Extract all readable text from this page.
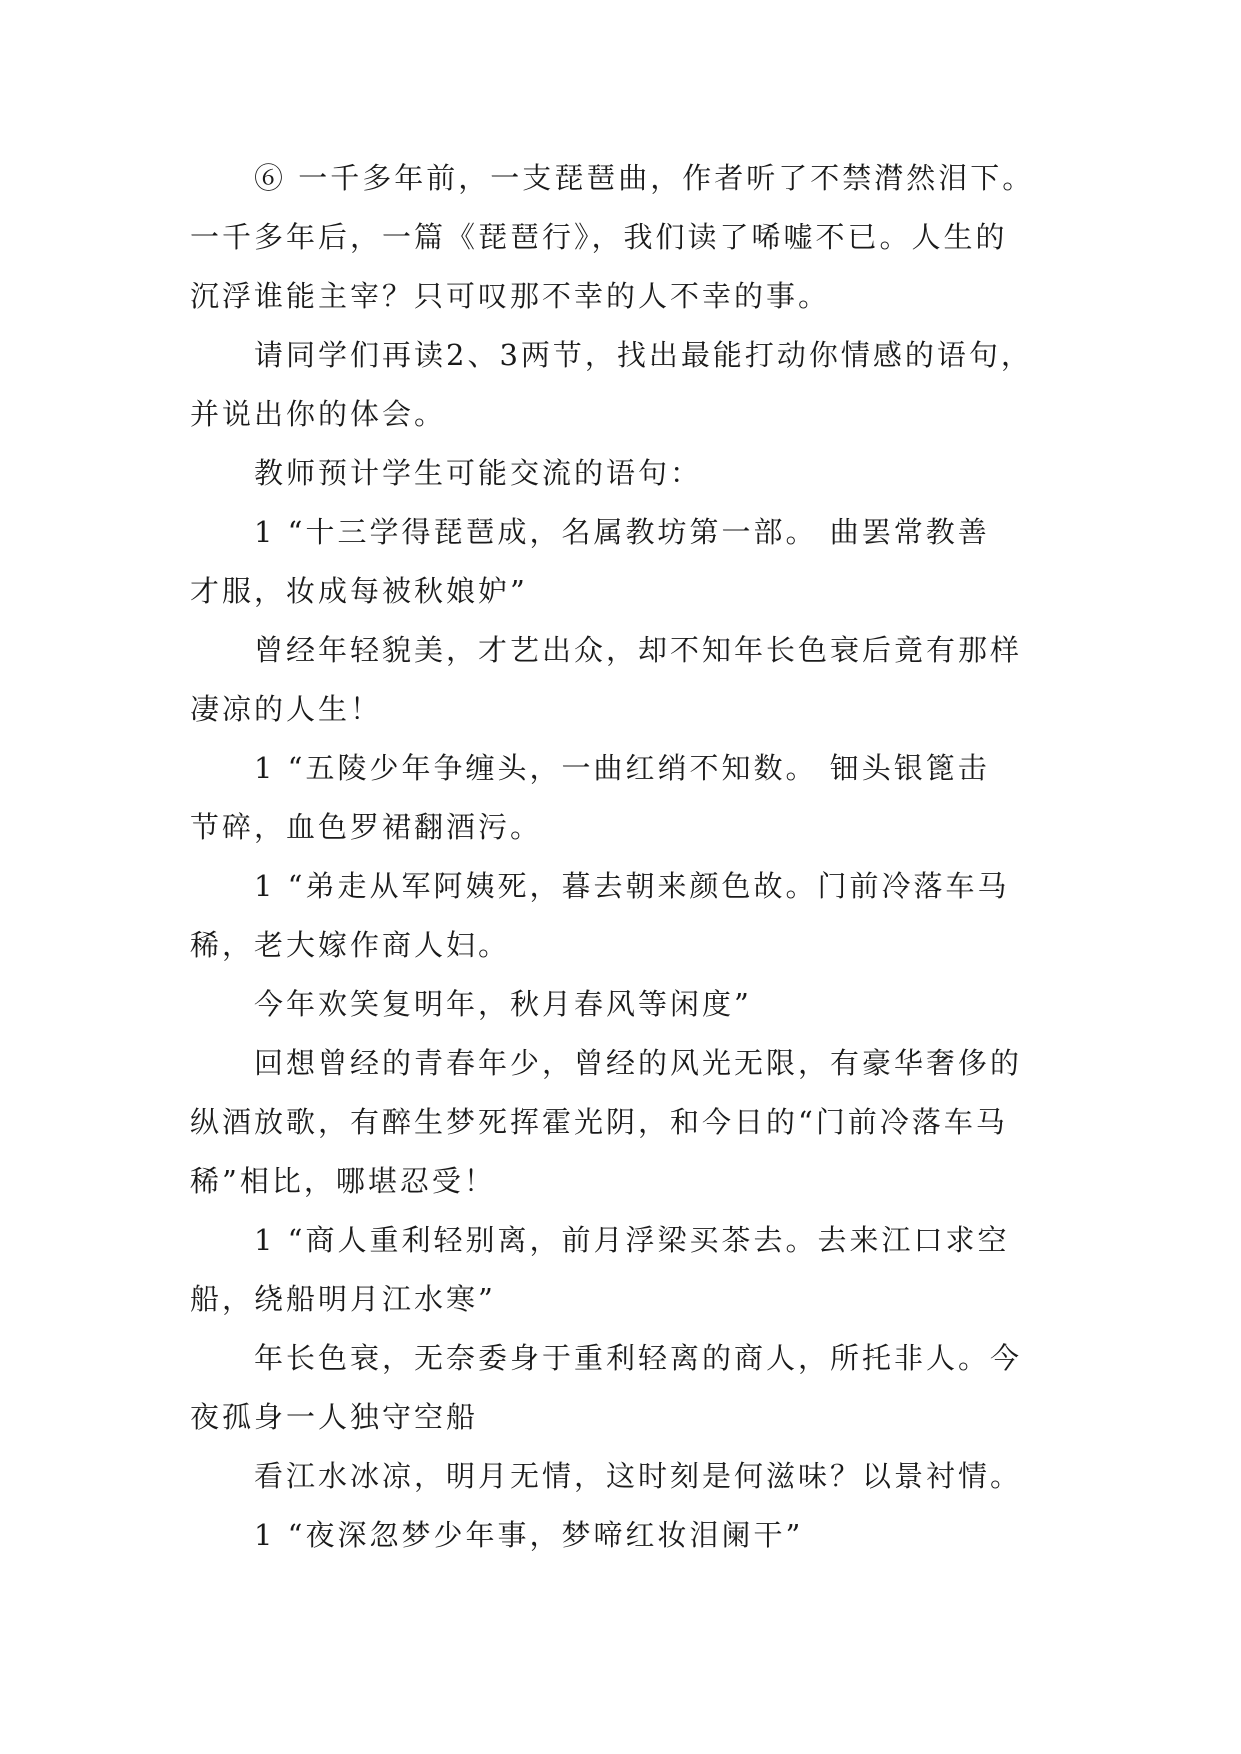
⑥ 一千多年前，一支琵琶曲，作者听了不禁潸然泪下。
一千多年后，一篇《琵琶行》，我们读了唏嘘不已。人生的
沉浮谁能主宰？只可叹那不幸的人不幸的事。
请同学们再读2、3两节，找出最能打动你情感的语句，
并说出你的体会。
教师预计学生可能交流的语句：
1 “十三学得琵琶成，名属教坊第一部。 曲罢常教善
才服，妆成每被秋娘妒”
曾经年轻貌美，才艺出众，却不知年长色衰后竟有那样
凄凉的人生！
1 “五陵少年争缠头，一曲红绡不知数。 钿头银篦击
节碎，血色罗裙翻酒污。
1 “弟走从军阿姨死，暮去朝来颜色故。门前冷落车马
稀，老大嫁作商人妇。
今年欢笑复明年，秋月春风等闲度”
回想曾经的青春年少，曾经的风光无限，有豪华奢侈的
纵酒放歌，有醉生梦死挥霍光阴，和今日的“门前冷落车马
稀”相比，哪堪忍受！
1 “商人重利轻别离，前月浮梁买茶去。去来江口求空
船，绕船明月江水寒”
年长色衰，无奈委身于重利轻离的商人，所托非人。今
夜孤身一人独守空船
看江水冰凉，明月无情，这时刻是何滋味？以景衬情。
1 “夜深忽梦少年事，梦啼红妆泪阑干”
